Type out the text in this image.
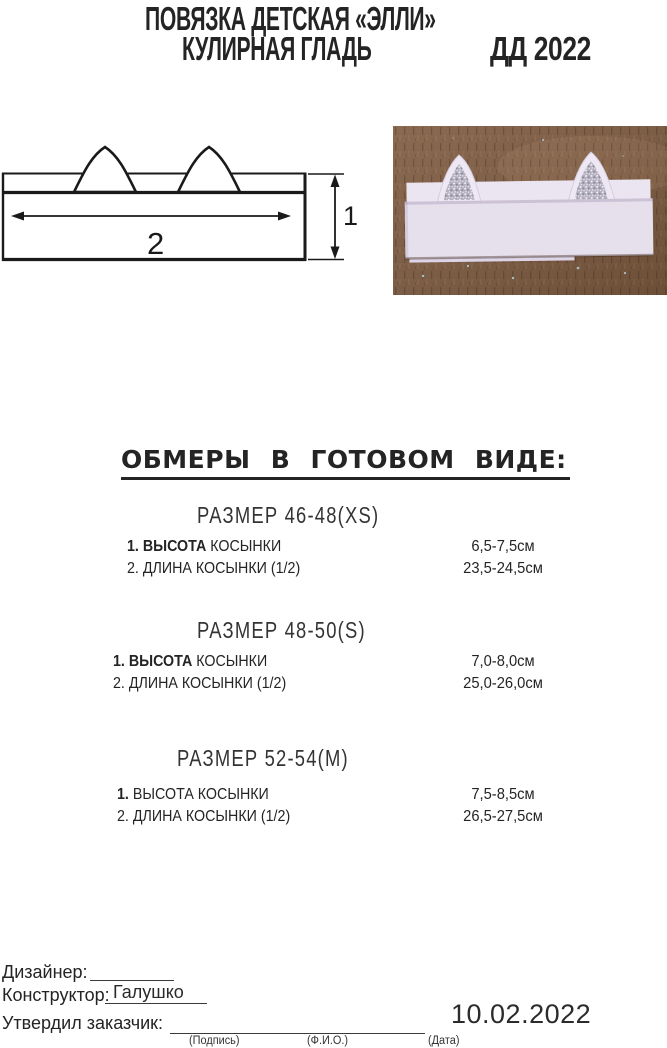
ПОВЯЗКА ДЕТСКАЯ «ЭЛЛИ»
КУЛИРНАЯ ГЛАДЬ	ДД 2022
2
1
ОБМЕРЫ В ГОТОВОМ ВИДЕ:
РАЗМЕР 46-48(XS)
1. ВЫСОТА КОСЫНКИ	6,5-7,5см
2. ДЛИНА КОСЫНКИ (1/2)	23,5-24,5см
РАЗМЕР 48-50(S)
1. ВЫСОТА КОСЫНКИ	7,0-8,0см
2. ДЛИНА КОСЫНКИ (1/2)	25,0-26,0см
РАЗМЕР 52-54(М)
1. ВЫСОТА КОСЫНКИ	7,5-8,5см
2. ДЛИНА КОСЫНКИ (1/2)	26,5-27,5см
Дизайнер:
Конструктор: Галушко
Утвердил заказчик:
(Подпись)	(Ф.И.О.)	(Дата)
10.02.2022
